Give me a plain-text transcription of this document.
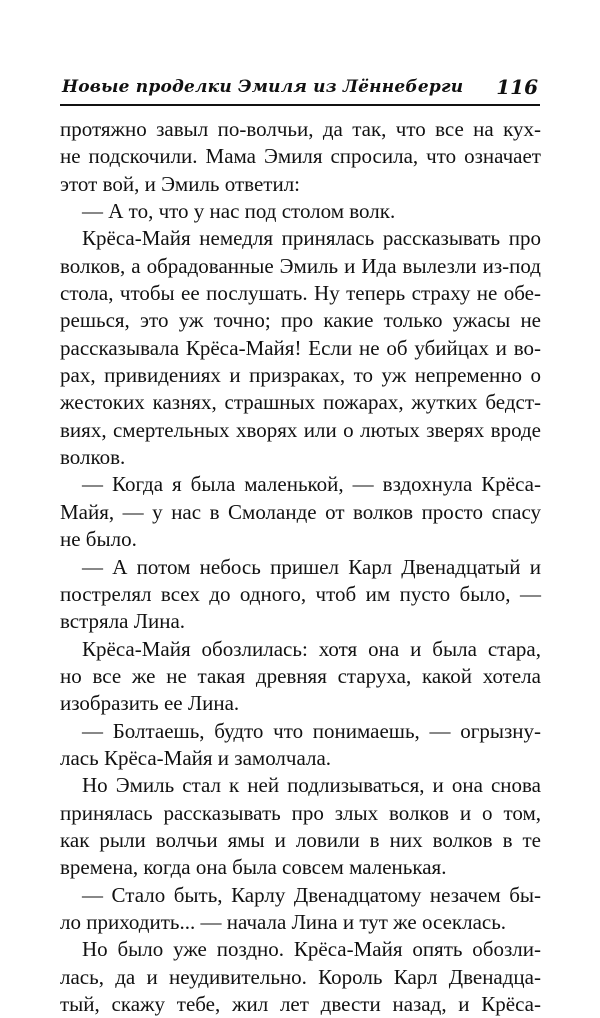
Новые проделки Эмиля из Лённеберги 116
протяжно завыл по-волчьи, да так, что все на кух-
не подскочили. Мама Эмиля спросила, что означает
этот вой, и Эмиль ответил:
— А то, что у нас под столом волк.
Крёса-Майя немедля принялась рассказывать про
волков, а обрадованные Эмиль и Ида вылезли из-под
стола, чтобы ее послушать. Ну теперь страху не обе-
решься, это уж точно; про какие только ужасы не
рассказывала Крёса-Майя! Если не об убийцах и во-
рах, привидениях и призраках, то уж непременно о
жестоких казнях, страшных пожарах, жутких бедст-
виях, смертельных хворях или о лютых зверях вроде
волков.
— Когда я была маленькой, — вздохнула Крёса-
Майя, — у нас в Смоланде от волков просто спасу
не было.
— А потом небось пришел Карл Двенадцатый и
пострелял всех до одного, чтоб им пусто было, —
встряла Лина.
Крёса-Майя обозлилась: хотя она и была стара,
но все же не такая древняя старуха, какой хотела
изобразить ее Лина.
— Болтаешь, будто что понимаешь, — огрызну-
лась Крёса-Майя и замолчала.
Но Эмиль стал к ней подлизываться, и она снова
принялась рассказывать про злых волков и о том,
как рыли волчьи ямы и ловили в них волков в те
времена, когда она была совсем маленькая.
— Стало быть, Карлу Двенадцатому незачем бы-
ло приходить... — начала Лина и тут же осеклась.
Но было уже поздно. Крёса-Майя опять обозли-
лась, да и неудивительно. Король Карл Двенадца-
тый, скажу тебе, жил лет двести назад, и Крёса-
